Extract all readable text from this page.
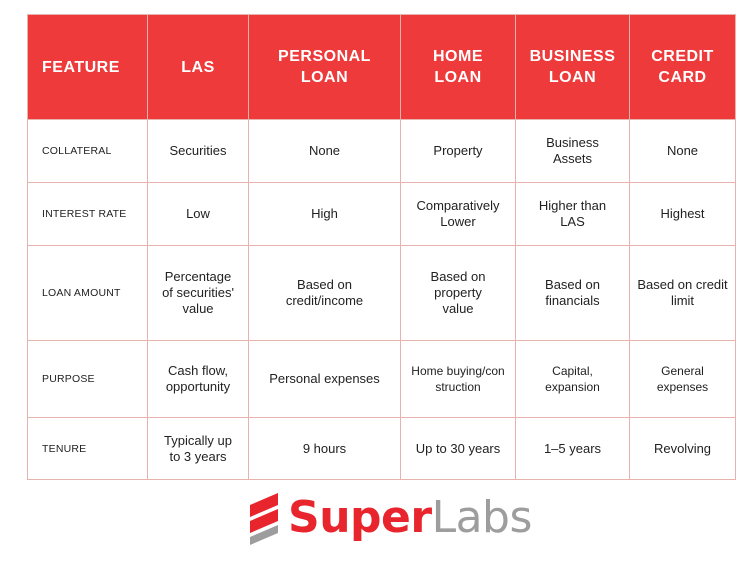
FEATURE	LAS	PERSONAL LOAN	HOME LOAN	BUSINESS LOAN	CREDIT CARD
COLLATERAL	Securities	None	Property	Business Assets	None
INTEREST RATE	Low	High	Comparatively Lower	Higher than LAS	Highest
LOAN AMOUNT	Percentage of securities' value	Based on credit/income	Based on property value	Based on financials	Based on credit limit
PURPOSE	Cash flow, opportunity	Personal expenses	Home buying/construction	Capital, expansion	General expenses
TENURE	Typically up to 3 years	9 hours	Up to 30 years	1–5 years	Revolving
SuperLabs
